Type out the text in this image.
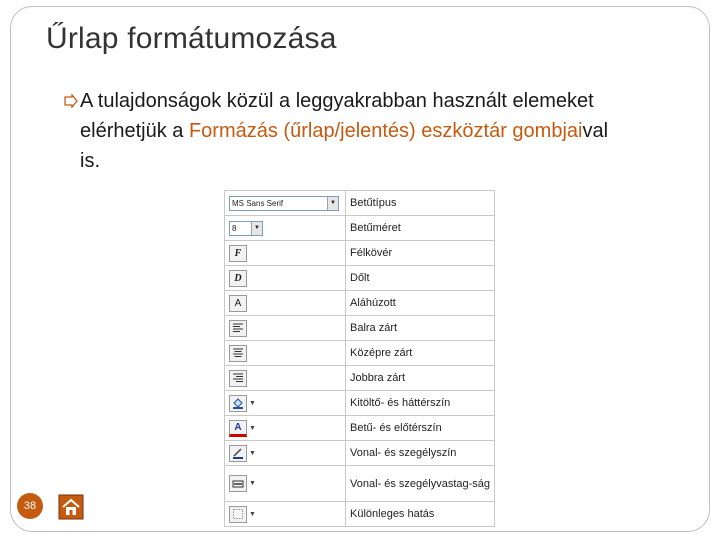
Űrlap formátumozása
A tulajdonságok közül a leggyakrabban használt elemeket elérhetjük a Formázás (űrlap/jelentés) eszköztár gombjaival is.
MS Sans Serif ▼	Betűtípus

8 ▼	Betűméret
F	Félkövér
D	Dőlt
A	Aláhúzott

	Balra zárt

	Középre zárt

	Jobbra zárt

▼	Kitöltő- és háttérszín
A ▼	Betű- és előtérszín

▼	Vonal- és szegélyszín

▼	Vonal- és szegélyvastag-ság

▼	Különleges hatás
38
